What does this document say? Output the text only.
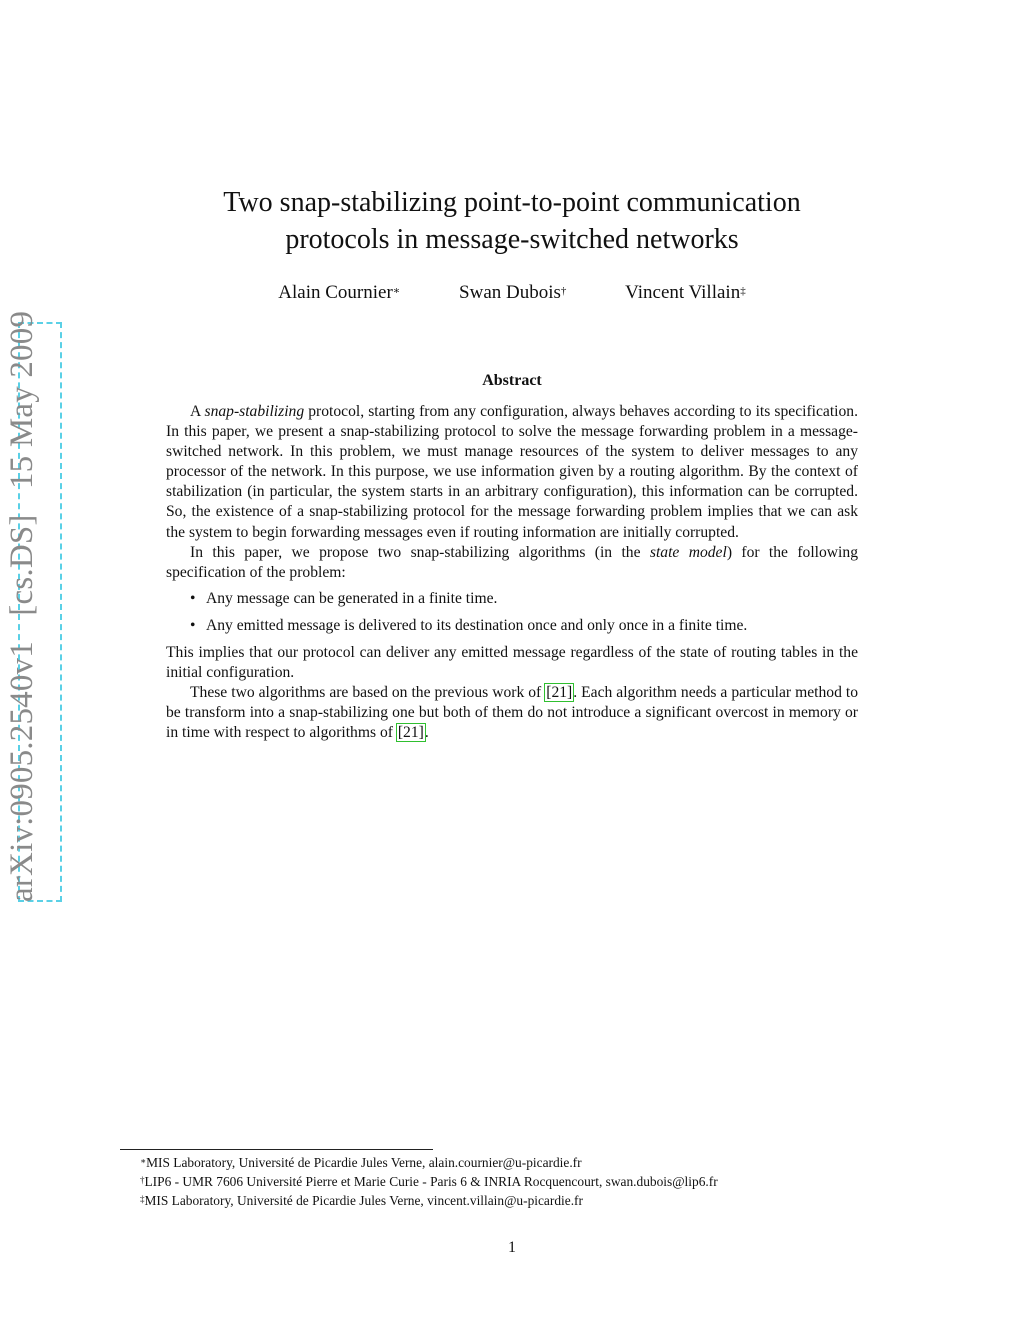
arXiv:0905.2540v1   [cs.DS]   15 May 2009
Two snap-stabilizing point-to-point communication
protocols in message-switched networks
Alain Cournier∗	Swan Dubois†	Vincent Villain‡
Abstract

A snap-stabilizing protocol, starting from any configuration, always behaves according to its specification. In this paper, we present a snap-stabilizing protocol to solve the message forwarding problem in a message-switched network. In this problem, we must manage resources of the system to deliver messages to any processor of the network. In this purpose, we use information given by a routing algorithm. By the context of stabilization (in particular, the system starts in an arbitrary configuration), this information can be corrupted. So, the existence of a snap-stabilizing protocol for the message forwarding problem implies that we can ask the system to begin forwarding messages even if routing information are initially corrupted.

In this paper, we propose two snap-stabilizing algorithms (in the state model) for the following specification of the problem:

• Any message can be generated in a finite time.
• Any emitted message is delivered to its destination once and only once in a finite time.

This implies that our protocol can deliver any emitted message regardless of the state of routing tables in the initial configuration.

These two algorithms are based on the previous work of [21]. Each algorithm needs a particular method to be transform into a snap-stabilizing one but both of them do not introduce a significant overcost in memory or in time with respect to algorithms of [21].

∗MIS Laboratory, Université de Picardie Jules Verne, alain.cournier@u-picardie.fr
†LIP6 - UMR 7606 Université Pierre et Marie Curie - Paris 6 & INRIA Rocquencourt, swan.dubois@lip6.fr
‡MIS Laboratory, Université de Picardie Jules Verne, vincent.villain@u-picardie.fr
1
